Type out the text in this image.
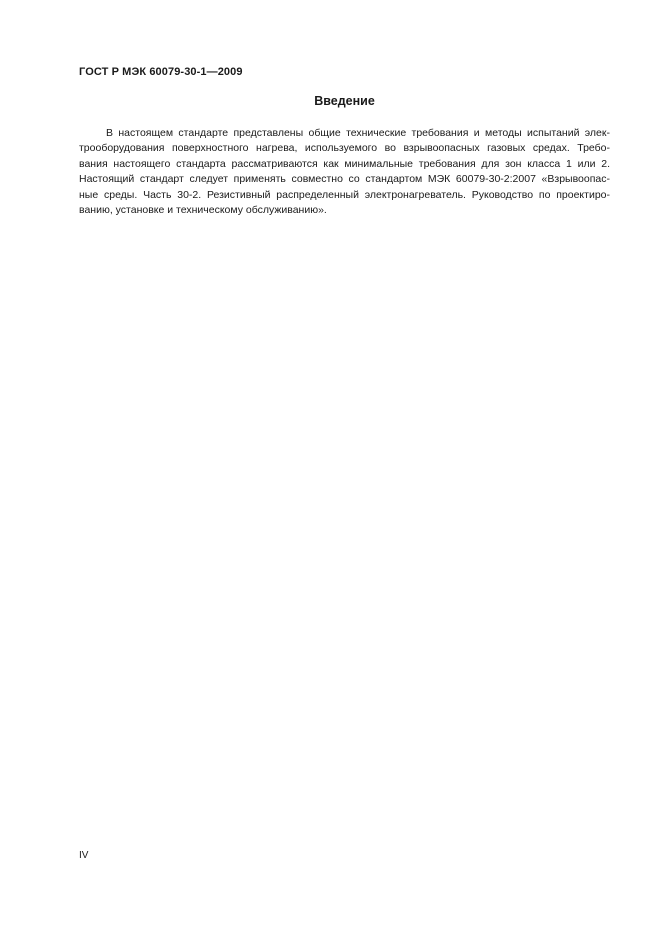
ГОСТ Р МЭК 60079-30-1—2009
Введение
В настоящем стандарте представлены общие технические требования и методы испытаний элек-
трооборудования поверхностного нагрева, используемого во взрывоопасных газовых средах. Требо-
вания настоящего стандарта рассматриваются как минимальные требования для зон класса 1 или 2.
Настоящий стандарт следует применять совместно со стандартом МЭК 60079-30-2:2007 «Взрывоопас-
ные среды. Часть 30-2. Резистивный распределенный электронагреватель. Руководство по проектиро-
ванию, установке и техническому обслуживанию».
IV
